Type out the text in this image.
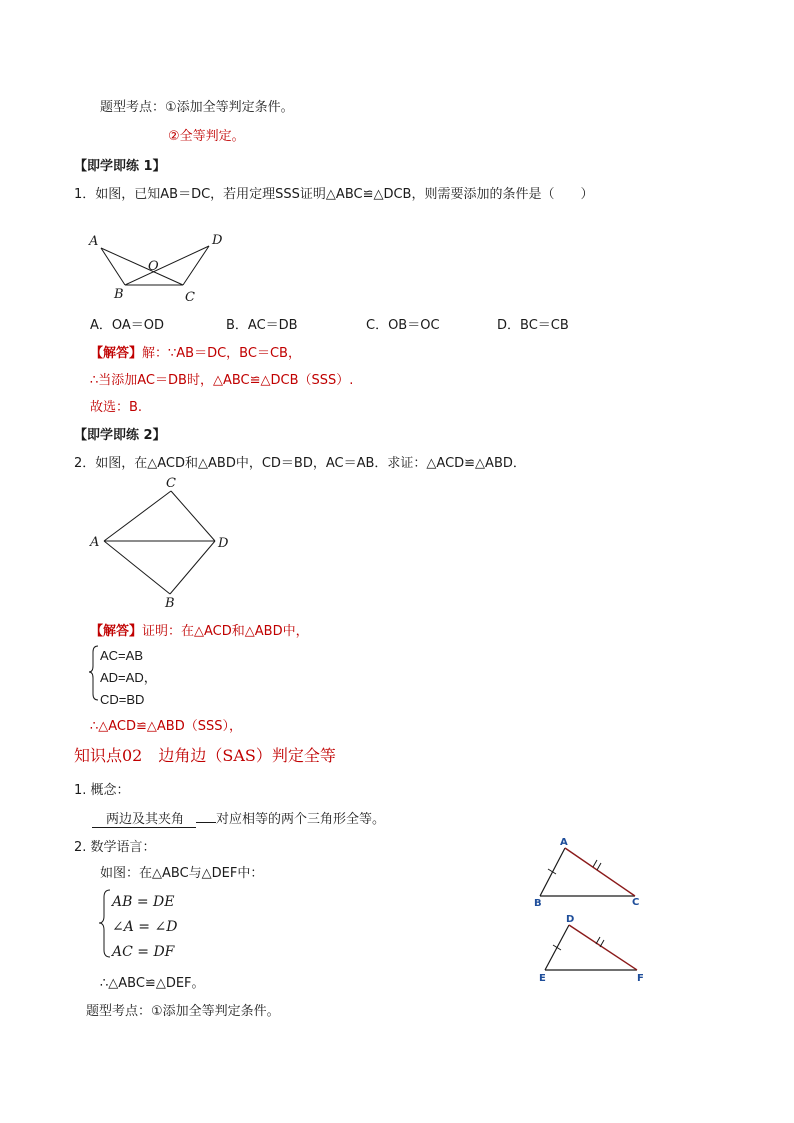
题型考点：①添加全等判定条件。
②全等判定。
【即学即练 1】
1．如图，已知AB＝DC，若用定理SSS证明△ABC≌△DCB，则需要添加的条件是（　　）
A	D
O
B	C
A．OA＝OD	B．AC＝DB	C．OB＝OC	D．BC＝CB
【解答】解：∵AB＝DC，BC＝CB，
∴当添加AC＝DB时，△ABC≌△DCB（SSS）.
故选：B.
【即学即练 2】
2．如图，在△ACD和△ABD中，CD＝BD，AC＝AB．求证：△ACD≌△ABD．
C
A	D
B
【解答】证明：在△ACD和△ABD中，
AC=AB
AD=AD，
CD=BD
∴△ACD≌△ABD（SSS），
知识点02　边角边（SAS）判定全等
1. 概念：
两边及其夹角 对应相等的两个三角形全等。
2. 数学语言：
如图：在△ABC与△DEF中：
AB = DE
∠A = ∠D
AC = DF
∴△ABC≌△DEF。
题型考点：①添加全等判定条件。
A
B	C
D
E	F
